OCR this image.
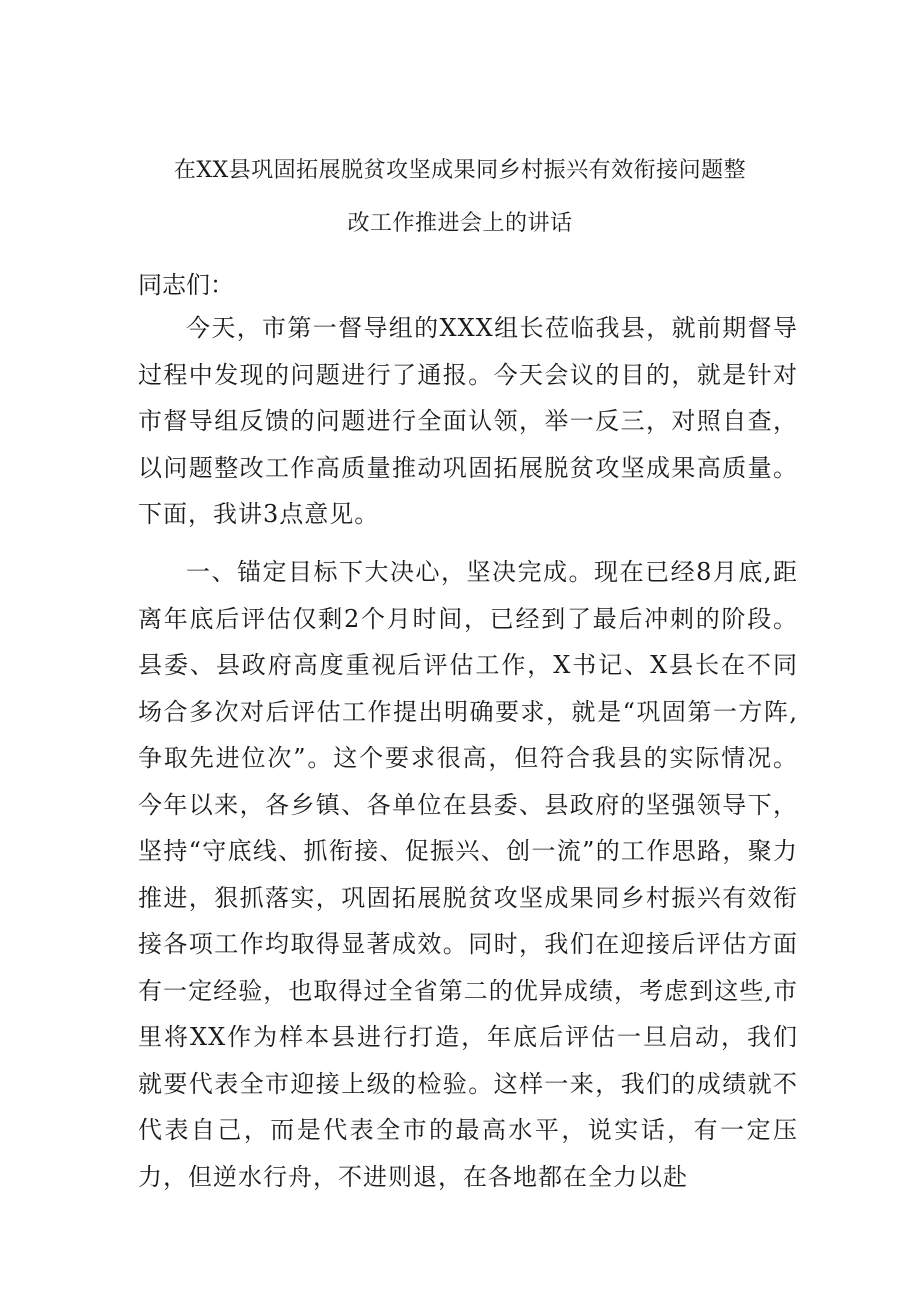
在XX县巩固拓展脱贫攻坚成果同乡村振兴有效衔接问题整
改工作推进会上的讲话
同志们：

今天，市第一督导组的XXX组长莅临我县，就前期督导过程中发现的问题进行了通报。今天会议的目的，就是针对市督导组反馈的问题进行全面认领，举一反三，对照自查，以问题整改工作高质量推动巩固拓展脱贫攻坚成果高质量。下面，我讲3点意见。

一、锚定目标下大决心，坚决完成。现在已经8月底,距离年底后评估仅剩2个月时间，已经到了最后冲刺的阶段。县委、县政府高度重视后评估工作，X书记、X县长在不同场合多次对后评估工作提出明确要求，就是“巩固第一方阵,争取先进位次”。这个要求很高，但符合我县的实际情况。今年以来，各乡镇、各单位在县委、县政府的坚强领导下，坚持“守底线、抓衔接、促振兴、创一流”的工作思路，聚力推进，狠抓落实，巩固拓展脱贫攻坚成果同乡村振兴有效衔接各项工作均取得显著成效。同时，我们在迎接后评估方面有一定经验，也取得过全省第二的优异成绩，考虑到这些,市里将XX作为样本县进行打造，年底后评估一旦启动，我们就要代表全市迎接上级的检验。这样一来，我们的成绩就不代表自己，而是代表全市的最高水平，说实话，有一定压力，但逆水行舟，不进则退，在各地都在全力以赴
